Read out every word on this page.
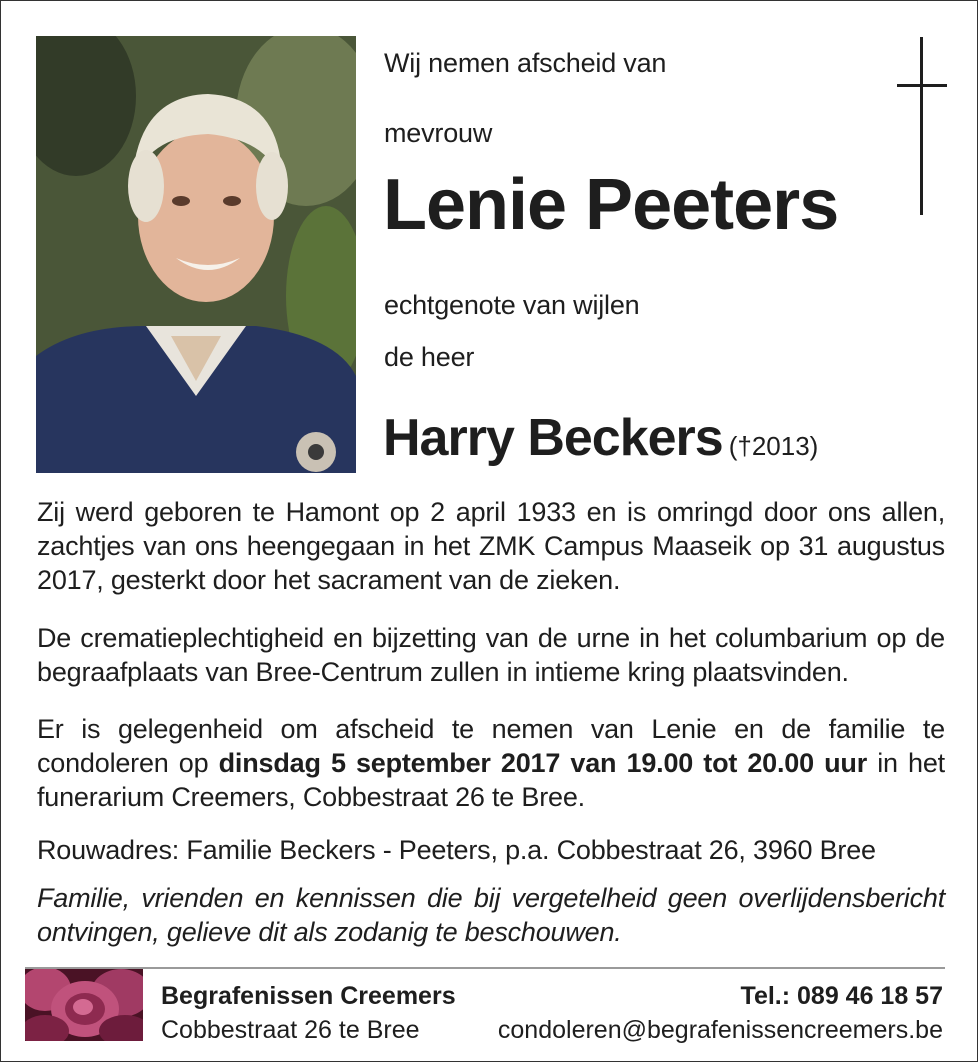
Wij nemen afscheid van
mevrouw
Lenie Peeters
echtgenote van wijlen
de heer
Harry Beckers (†2013)
Zij werd geboren te Hamont op 2 april 1933 en is omringd door ons allen, zachtjes van ons heengegaan in het ZMK Campus Maaseik op 31 augustus 2017, gesterkt door het sacrament van de zieken.
De crematieplechtigheid en bijzetting van de urne in het columbarium op de begraafplaats van Bree-Centrum zullen in intieme kring plaatsvinden.
Er is gelegenheid om afscheid te nemen van Lenie en de familie te condoleren op dinsdag 5 september 2017 van 19.00 tot 20.00 uur in het funerarium Creemers, Cobbestraat 26 te Bree.
Rouwadres: Familie Beckers - Peeters, p.a. Cobbestraat 26, 3960 Bree
Familie, vrienden en kennissen die bij vergetelheid geen overlijdensbericht ontvingen, gelieve dit als zodanig te beschouwen.
Begrafenissen Creemers
Cobbestraat 26 te Bree
Tel.: 089 46 18 57
condoleren@begrafenissencreemers.be
